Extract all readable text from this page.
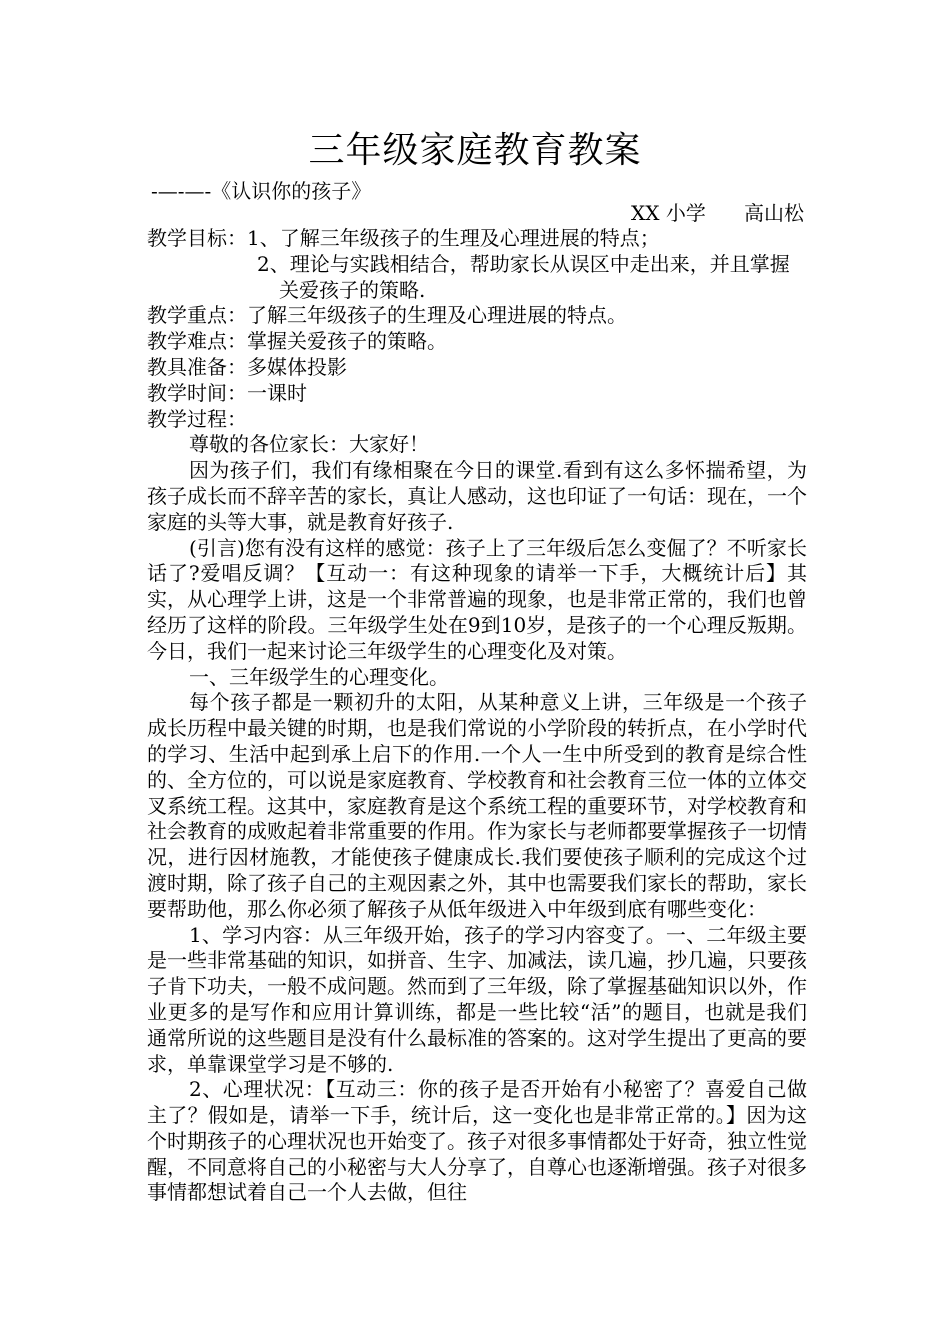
三年级家庭教育教案
-—-—-《认识你的孩子》
XX 小学      高山松
教学目标： 1、了解三年级孩子的生理及心理进展的特点；
2、理论与实践相结合，帮助家长从误区中走出来，并且掌握关爱孩子的策略.

教学重点：了解三年级孩子的生理及心理进展的特点。

教学难点：掌握关爱孩子的策略。

教具准备：多媒体投影

教学时间：一课时

教学过程：

尊敬的各位家长：大家好！

因为孩子们，我们有缘相聚在今日的课堂.看到有这么多怀揣希望，为孩子成长而不辞辛苦的家长，真让人感动，这也印证了一句话：现在，一个家庭的头等大事，就是教育好孩子.

(引言)您有没有这样的感觉：孩子上了三年级后怎么变倔了？不听家长话了?爱唱反调？【互动一：有这种现象的请举一下手，大概统计后】其实，从心理学上讲，这是一个非常普遍的现象，也是非常正常的，我们也曾经历了这样的阶段。三年级学生处在9到10岁，是孩子的一个心理反叛期。今日，我们一起来讨论三年级学生的心理变化及对策。

一、三年级学生的心理变化。

每个孩子都是一颗初升的太阳，从某种意义上讲，三年级是一个孩子成长历程中最关键的时期，也是我们常说的小学阶段的转折点，在小学时代的学习、生活中起到承上启下的作用.一个人一生中所受到的教育是综合性的、全方位的，可以说是家庭教育、学校教育和社会教育三位一体的立体交叉系统工程。这其中，家庭教育是这个系统工程的重要环节，对学校教育和社会教育的成败起着非常重要的作用。作为家长与老师都要掌握孩子一切情况，进行因材施教，才能使孩子健康成长.我们要使孩子顺利的完成这个过渡时期，除了孩子自己的主观因素之外，其中也需要我们家长的帮助，家长要帮助他，那么你必须了解孩子从低年级进入中年级到底有哪些变化：

1、学习内容：从三年级开始，孩子的学习内容变了。一、二年级主要是一些非常基础的知识，如拼音、生字、加减法，读几遍，抄几遍，只要孩子肯下功夫，一般不成问题。然而到了三年级，除了掌握基础知识以外，作业更多的是写作和应用计算训练，都是一些比较“活”的题目，也就是我们通常所说的这些题目是没有什么最标准的答案的。这对学生提出了更高的要求，单靠课堂学习是不够的.

2、心理状况：【互动三：你的孩子是否开始有小秘密了？喜爱自己做主了？假如是，请举一下手，统计后，这一变化也是非常正常的。】因为这个时期孩子的心理状况也开始变了。孩子对很多事情都处于好奇，独立性觉醒，不同意将自己的小秘密与大人分享了，自尊心也逐渐增强。孩子对很多事情都想试着自己一个人去做，但往
